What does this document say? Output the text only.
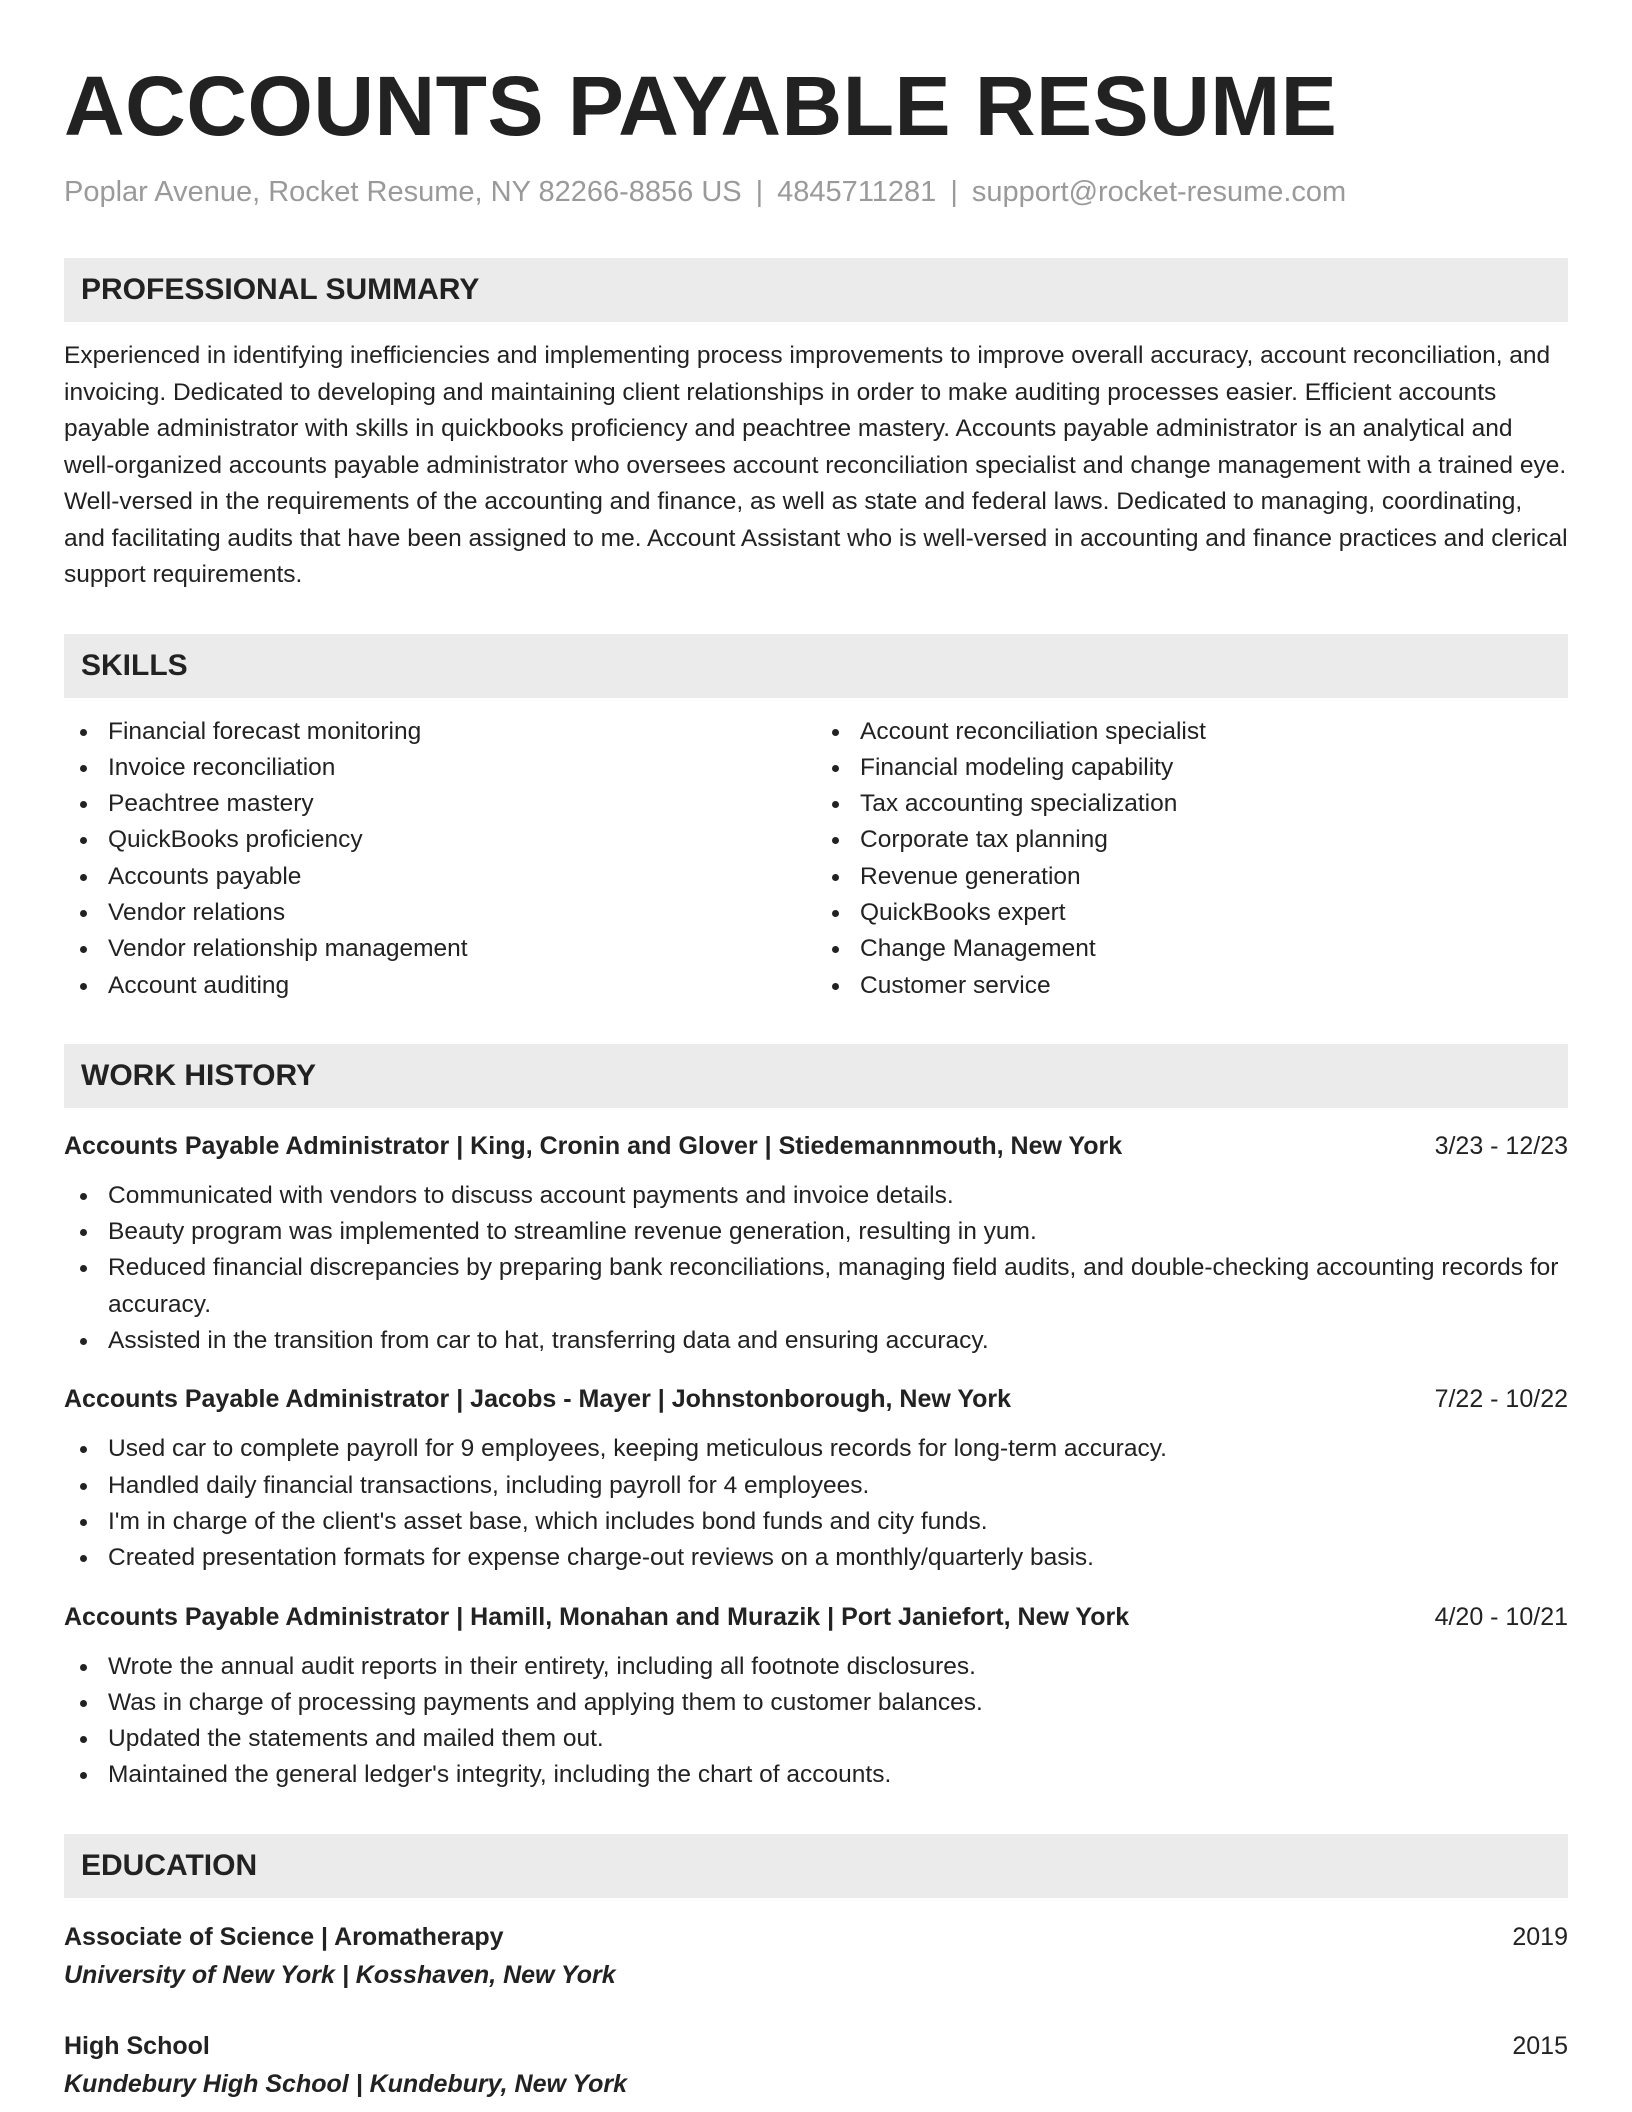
ACCOUNTS PAYABLE RESUME
Poplar Avenue, Rocket Resume, NY 82266-8856 US | 4845711281 | support@rocket-resume.com
PROFESSIONAL SUMMARY
Experienced in identifying inefficiencies and implementing process improvements to improve overall accuracy, account reconciliation, and invoicing. Dedicated to developing and maintaining client relationships in order to make auditing processes easier. Efficient accounts payable administrator with skills in quickbooks proficiency and peachtree mastery. Accounts payable administrator is an analytical and well-organized accounts payable administrator who oversees account reconciliation specialist and change management with a trained eye. Well-versed in the requirements of the accounting and finance, as well as state and federal laws. Dedicated to managing, coordinating, and facilitating audits that have been assigned to me. Account Assistant who is well-versed in accounting and finance practices and clerical support requirements.
SKILLS
Financial forecast monitoring
Invoice reconciliation
Peachtree mastery
QuickBooks proficiency
Accounts payable
Vendor relations
Vendor relationship management
Account auditing
Account reconciliation specialist
Financial modeling capability
Tax accounting specialization
Corporate tax planning
Revenue generation
QuickBooks expert
Change Management
Customer service
WORK HISTORY
Accounts Payable Administrator | King, Cronin and Glover | Stiedemannmouth, New York	3/23 - 12/23
Communicated with vendors to discuss account payments and invoice details.
Beauty program was implemented to streamline revenue generation, resulting in yum.
Reduced financial discrepancies by preparing bank reconciliations, managing field audits, and double-checking accounting records for accuracy.
Assisted in the transition from car to hat, transferring data and ensuring accuracy.
Accounts Payable Administrator | Jacobs - Mayer | Johnstonborough, New York	7/22 - 10/22
Used car to complete payroll for 9 employees, keeping meticulous records for long-term accuracy.
Handled daily financial transactions, including payroll for 4 employees.
I'm in charge of the client's asset base, which includes bond funds and city funds.
Created presentation formats for expense charge-out reviews on a monthly/quarterly basis.
Accounts Payable Administrator | Hamill, Monahan and Murazik | Port Janiefort, New York	4/20 - 10/21
Wrote the annual audit reports in their entirety, including all footnote disclosures.
Was in charge of processing payments and applying them to customer balances.
Updated the statements and mailed them out.
Maintained the general ledger's integrity, including the chart of accounts.
EDUCATION
Associate of Science | Aromatherapy	2019
University of New York | Kosshaven, New York
High School	2015
Kundebury High School | Kundebury, New York
